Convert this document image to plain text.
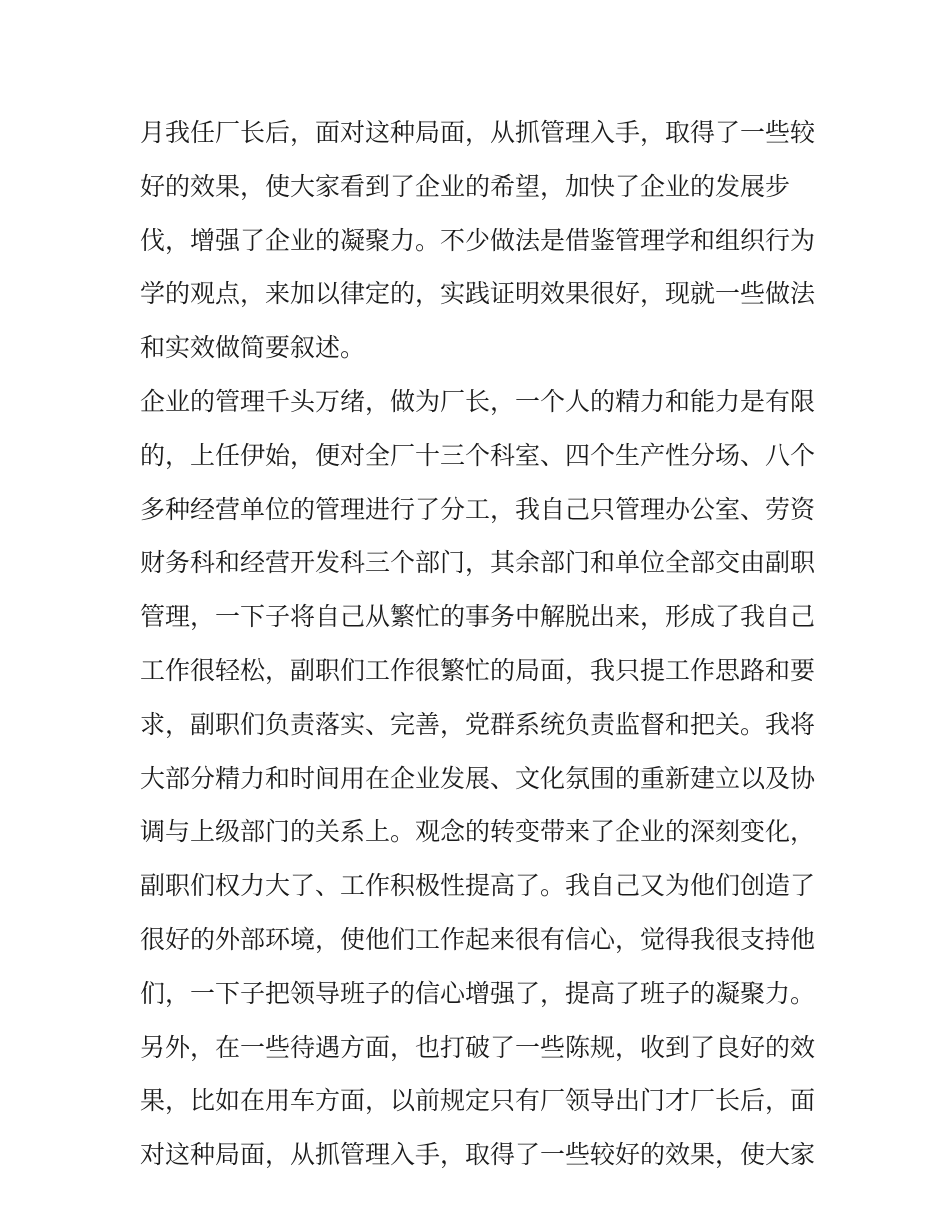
月我任厂长后，面对这种局面，从抓管理入手，取得了一些较
好的效果，使大家看到了企业的希望，加快了企业的发展步
伐，增强了企业的凝聚力。不少做法是借鉴管理学和组织行为
学的观点，来加以律定的，实践证明效果很好，现就一些做法
和实效做简要叙述。
企业的管理千头万绪，做为厂长，一个人的精力和能力是有限
的，上任伊始，便对全厂十三个科室、四个生产性分场、八个
多种经营单位的管理进行了分工，我自己只管理办公室、劳资
财务科和经营开发科三个部门，其余部门和单位全部交由副职
管理，一下子将自己从繁忙的事务中解脱出来，形成了我自己
工作很轻松，副职们工作很繁忙的局面，我只提工作思路和要
求，副职们负责落实、完善，党群系统负责监督和把关。我将
大部分精力和时间用在企业发展、文化氛围的重新建立以及协
调与上级部门的关系上。观念的转变带来了企业的深刻变化，
副职们权力大了、工作积极性提高了。我自己又为他们创造了
很好的外部环境，使他们工作起来很有信心，觉得我很支持他
们，一下子把领导班子的信心增强了，提高了班子的凝聚力。
另外，在一些待遇方面，也打破了一些陈规，收到了良好的效
果，比如在用车方面，以前规定只有厂领导出门才厂长后，面
对这种局面，从抓管理入手，取得了一些较好的效果，使大家
